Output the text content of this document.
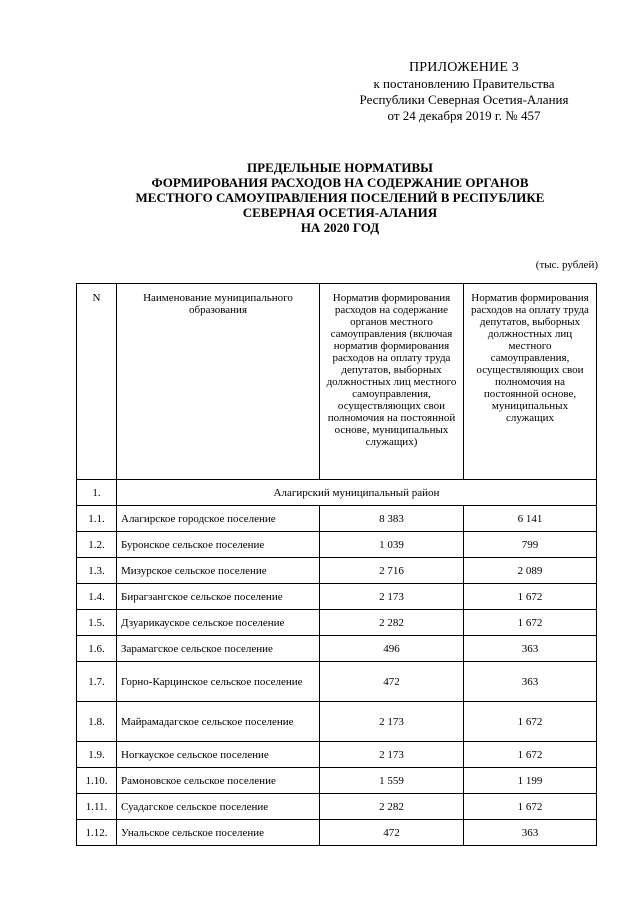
ПРИЛОЖЕНИЕ 3
к постановлению Правительства
Республики Северная Осетия-Алания
от 24 декабря 2019 г. № 457
ПРЕДЕЛЬНЫЕ НОРМАТИВЫ
ФОРМИРОВАНИЯ РАСХОДОВ НА СОДЕРЖАНИЕ ОРГАНОВ
МЕСТНОГО САМОУПРАВЛЕНИЯ ПОСЕЛЕНИЙ В РЕСПУБЛИКЕ
СЕВЕРНАЯ ОСЕТИЯ-АЛАНИЯ
НА 2020 ГОД
(тыс. рублей)
N	Наименование муниципального образования	Норматив формирования расходов на содержание органов местного самоуправления (включая норматив формирования расходов на оплату труда депутатов, выборных должностных лиц местного самоуправления, осуществляющих свои полномочия на постоянной основе, муниципальных служащих)	Норматив формирования расходов на оплату труда депутатов, выборных должностных лиц местного самоуправления, осуществляющих свои полномочия на постоянной основе, муниципальных служащих
1.	Алагирский муниципальный район		
1.1.	Алагирское городское поселение	8 383	6 141
1.2.	Буронское сельское поселение	1 039	799
1.3.	Мизурское сельское поселение	2 716	2 089
1.4.	Бирагзангское сельское поселение	2 173	1 672
1.5.	Дзуарикауское сельское поселение	2 282	1 672
1.6.	Зарамагское сельское поселение	496	363
1.7.	Горно-Карцинское сельское поселение	472	363
1.8.	Майрамадагское сельское поселение	2 173	1 672
1.9.	Ногкауское сельское поселение	2 173	1 672
1.10.	Рамоновское сельское поселение	1 559	1 199
1.11.	Суадагское сельское поселение	2 282	1 672
1.12.	Унальское сельское поселение	472	363
